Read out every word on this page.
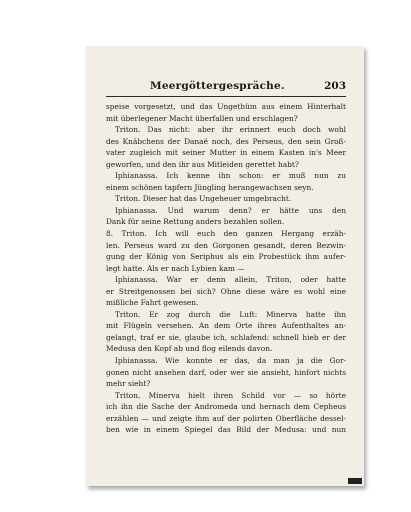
Meergöttergespräche.	203
speise vorgesetzt, und das Ungethüm aus einem Hinterhalt
mit überlegener Macht überfallen und erschlagen?
Triton. Das nicht: aber ihr erinnert euch doch wohl
des Knäbchens der Danaë noch, des Perseus, den sein Groß-
vater zugleich mit seiner Mutter in einem Kasten in's Meer
geworfen, und den ihr aus Mitleiden gerettet habt?
Iphianassa. Ich kenne ihn schon: er muß nun zu
einem schönen tapfern Jüngling herangewachsen seyn.
Triton. Dieser hat das Ungeheuer umgebracht.
Iphianassa. Und warum denn? er hätte uns den
Dank für seine Rettung anders bezahlen sollen.
8. Triton. Ich will euch den ganzen Hergang erzäh-
len. Perseus ward zu den Gorgonen gesandt, deren Bezwin-
gung der König von Seriphus als ein Probestück ihm aufer-
legt hatte. Als er nach Lybien kam —
Iphianassa. War er denn allein, Triton, oder hatte
er Streitgenossen bei sich? Ohne diese wäre es wohl eine
mißliche Fahrt gewesen.
Triton. Er zog durch die Luft: Minerva hatte ihn
mit Flügeln versehen. An dem Orte ihres Aufenthaltes an-
gelangt, traf er sie, glaube ich, schlafend: schnell hieb er der
Medusa den Kopf ab und flog eilends davon.
Iphianassa. Wie konnte er das, da man ja die Gor-
gonen nicht ansehen darf, oder wer sie ansieht, hinfort nichts
mehr sieht?
Triton. Minerva hielt ihren Schild vor — so hörte
ich ihn die Sache der Andromeda und hernach dem Cepheus
erzählen — und zeigte ihm auf der polirten Oberfläche dessel-
ben wie in einem Spiegel das Bild der Medusa: und nun
